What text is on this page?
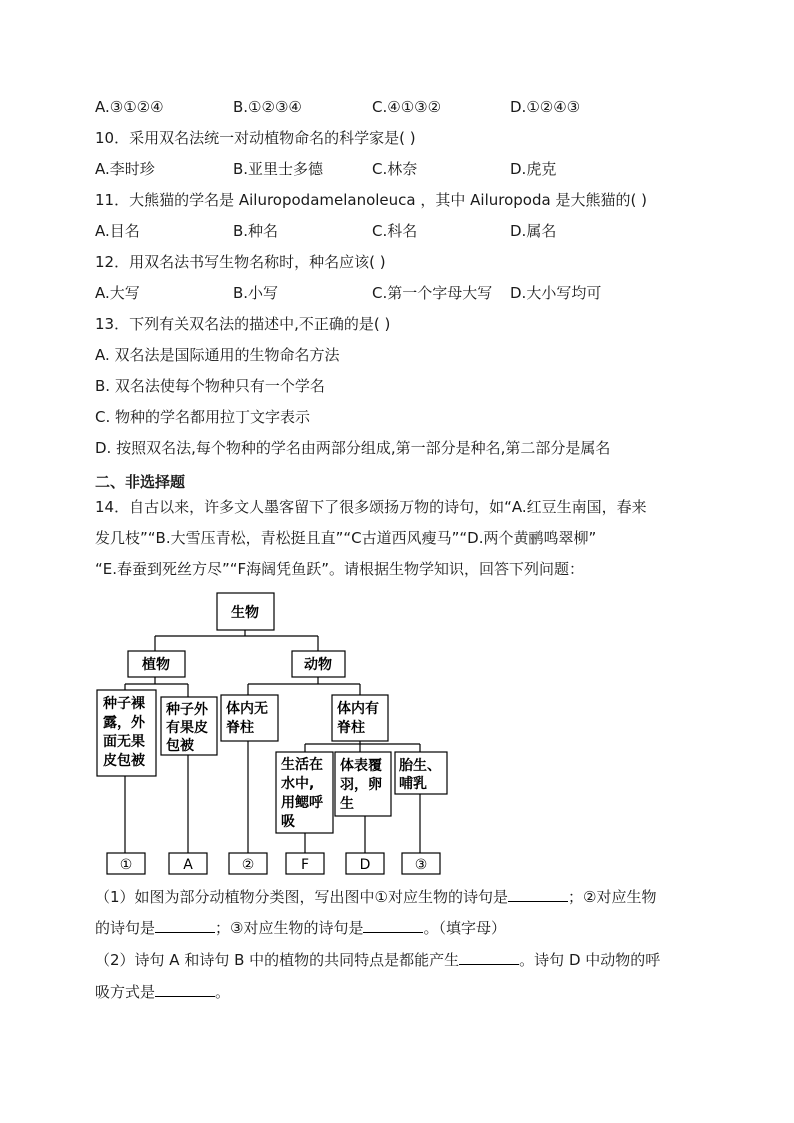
A.③①②④	B.①②③④	C.④①③②	D.①②④③
10．采用双名法统一对动植物命名的科学家是( )
A.李时珍	B.亚里士多德	C.林奈	D.虎克
11．大熊猫的学名是 Ailuropodamelanoleuca ，其中 Ailuropoda 是大熊猫的( )
A.目名	B.种名	C.科名	D.属名
12．用双名法书写生物名称时，种名应该( )
A.大写	B.小写	C.第一个字母大写 D.大小写均可
13．下列有关双名法的描述中,不正确的是( )
A. 双名法是国际通用的生物命名方法
B. 双名法使每个物种只有一个学名
C. 物种的学名都用拉丁文字表示
D. 按照双名法,每个物种的学名由两部分组成,第一部分是种名,第二部分是属名
二、非选择题
14．自古以来，许多文人墨客留下了很多颂扬万物的诗句，如“A.红豆生南国，春来
发几枝”“B.大雪压青松，青松挺且直”“C古道西风瘦马”“D.两个黄鹂鸣翠柳”
“E.春蚕到死丝方尽”“F海阔凭鱼跃”。请根据生物学知识，回答下列问题：
生物
植物	动物
种子裸
露，外
面无果
皮包被
种子外
有果皮
包被
体内无
脊柱
体内有
脊柱
生活在
水中,
用鳃呼
吸
体表覆
羽，卵
生
胎生、
哺乳
①	A	②	F	D	③
（1）如图为部分动植物分类图，写出图中①对应生物的诗句是	；②对应生物
的诗句是	；③对应生物的诗句是	。（填字母）
（2）诗句 A 和诗句 B 中的植物的共同特点是都能产生	。诗句 D 中动物的呼
吸方式是	。
